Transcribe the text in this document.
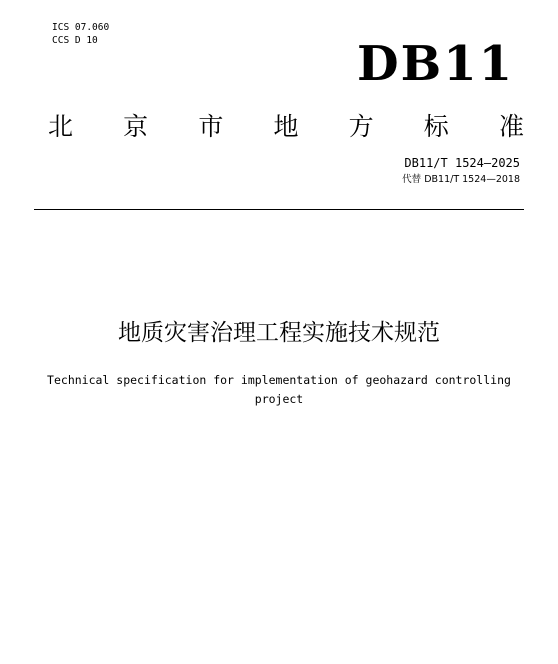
ICS 07.060
CCS D 10	DB11
北 京 市 地 方 标 准
DB11/T 1524—2025
代替 DB11/T 1524—2018
地质灾害治理工程实施技术规范
Technical specification for implementation of geohazard controlling project
